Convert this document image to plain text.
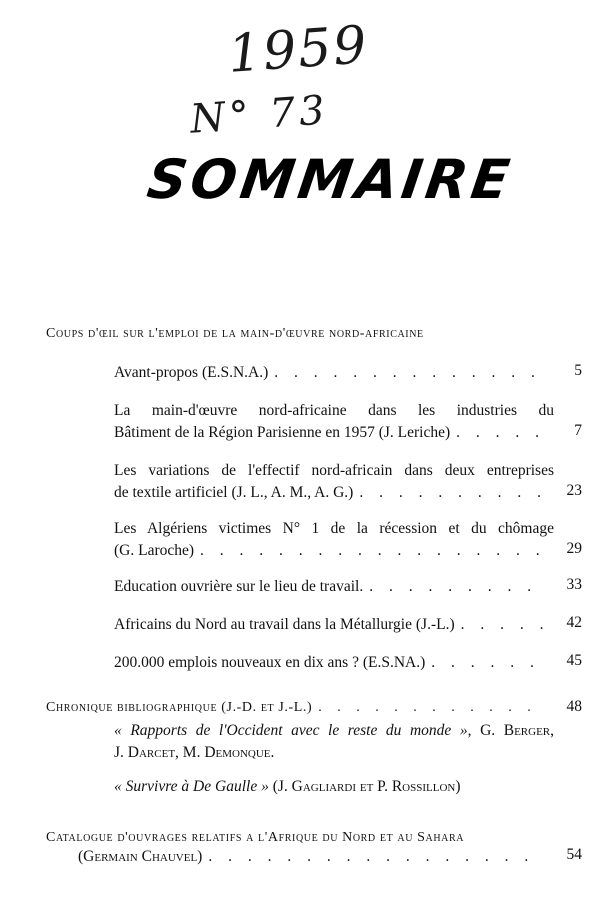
1959
N° 73
SOMMAIRE
Coups d'œil sur l'emploi de la main-d'œuvre nord-africaine
Avant-propos (E.S.N.A.) . . .	5
La main-d'œuvre nord-africaine dans les industries du
Bâtiment de la Région Parisienne en 1957 (J. Leriche) . . .	7
Les variations de l'effectif nord-africain dans deux entreprises
de textile artificiel (J. L., A. M., A. G.) . . .	23
Les Algériens victimes N° 1 de la récession et du chômage
(G. Laroche) . . .	29
Education ouvrière sur le lieu de travail. . . .	33
Africains du Nord au travail dans la Métallurgie (J.-L.) . . .	42
200.000 emplois nouveaux en dix ans ? (E.S.NA.) . . .	45
Chronique bibliographique (J.-D. et J.-L.) . . .	48
« Rapports de l'Occident avec le reste du monde », G. Berger,
J. Darcet, M. Demonque.
« Survivre à De Gaulle » (J. Gagliardi et P. Rossillon)
Catalogue d'ouvrages relatifs a l'Afrique du Nord et au Sahara
(Germain Chauvel) . . .	54
